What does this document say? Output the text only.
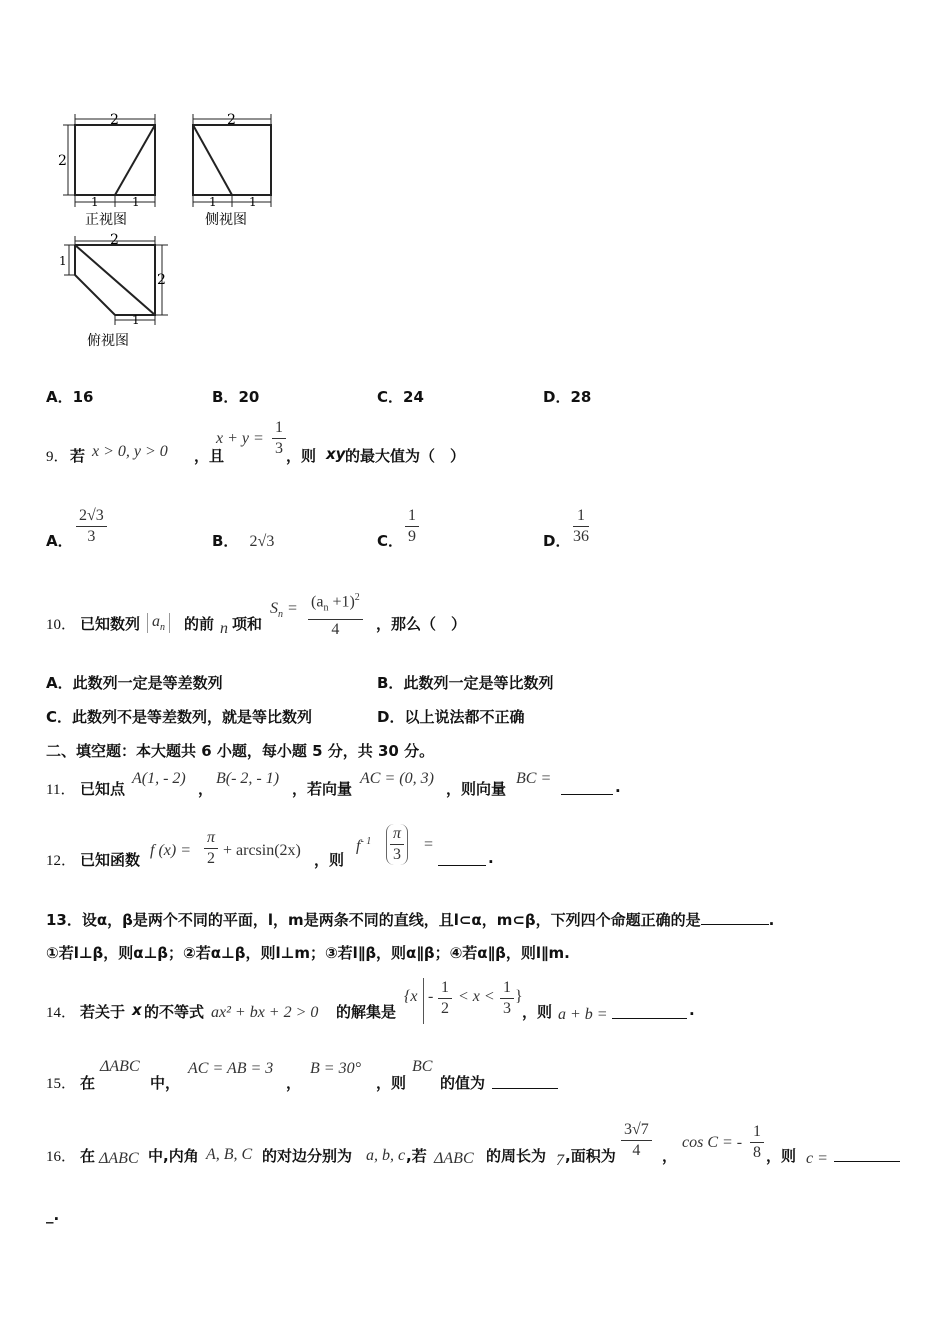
2
2
1	1
正视图
2
1	1
侧视图
2
1
2
1
俯视图
A．16	B．20	C．24	D．28
9． 若 x > 0, y > 0 ，且
$x + y = \frac{1}{3}$ ，则 xy 的最大值为（　）
A． $\frac{2√3}{3}$	B． 2√3	C． $\frac{1}{9}$	D． $\frac{1}{36}$
10． 已知数列 $a_n$	的前 n 项和
$S_n = \frac{(a_n +1)^2}{4}$ ，那么（　）
A．此数列一定是等差数列	B．此数列一定是等比数列
C．此数列不是等差数列，就是等比数列	D．以上说法都不正确
二、填空题：本大题共 6 小题，每小题 5 分，共 30 分。
11． 已知点
A(1, - 2)
，
B(- 2, - 1)
，若向量
AC = (0, 3)
，则向量
BC =	.
12． 已知函数
f $(x) = \frac{\pi}{2} + \arcsin(2x)$
，则
$f^{- 1} \frac{\pi}{3}$ =
.
13．设α，β是两个不同的平面，l，m是两条不同的直线，且l⊂α，m⊂β，下列四个命题正确的是	.
①若l⊥β，则α⊥β；②若α⊥β，则l⊥m；③若l∥β，则α∥β；④若α∥β，则l∥m.
14． 若关于 x 的不等式 ax² + bx + 2 > 0 的解集是
{$x - \frac{1}{2} < x < \frac{1}{3}$ }
，则 a + b =	.
15． 在
ΔABC
中，
AC = AB = 3
，
B = 30°
，则
BC
的值为
16． 在 ΔABC 中,内角 A, B, C 的对边分别为 a, b, c ,若 ΔABC 的周长为 7 ,面积为 $\frac{3√7}{4}$ ，
cos C = - $\frac{1}{8}$ ，则 c =
_.
